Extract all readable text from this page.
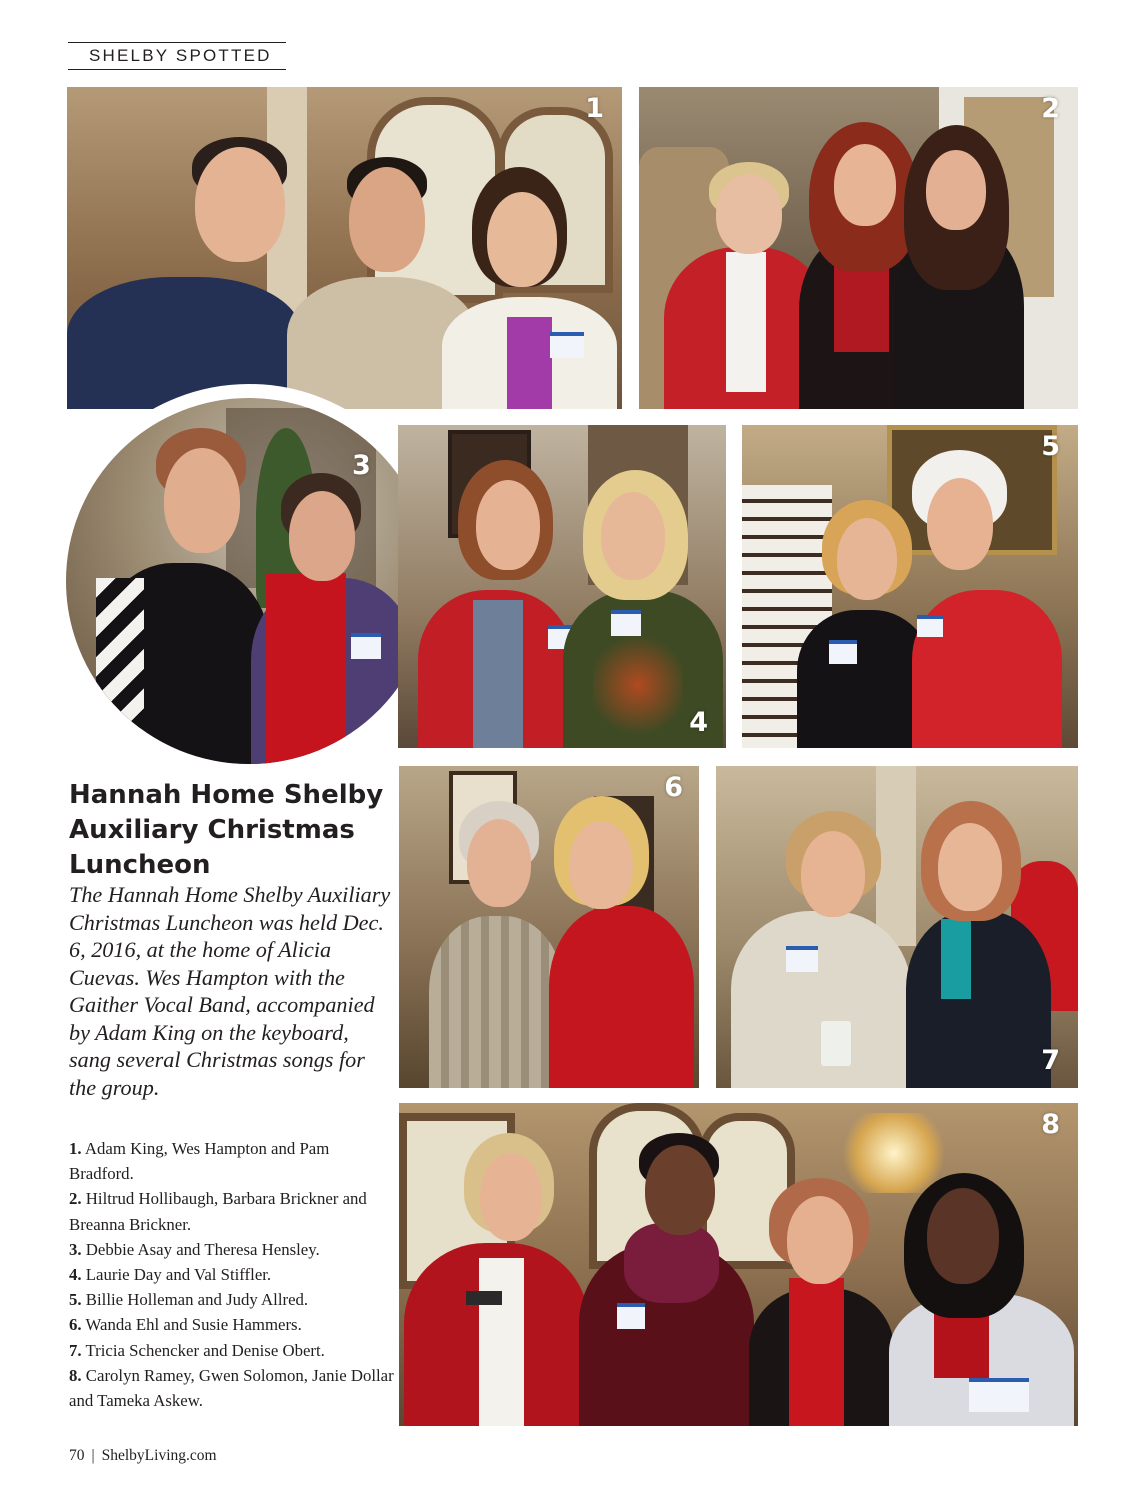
SHELBY SPOTTED
1	2
3
4
5
6
7
8
Hannah Home Shelby Auxiliary Christmas Luncheon

The Hannah Home Shelby Auxiliary Christmas Luncheon was held Dec. 6, 2016, at the home of Alicia Cuevas. Wes Hampton with the Gaither Vocal Band, accompanied by Adam King on the keyboard, sang several Christmas songs for the group.

1. Adam King, Wes Hampton and Pam Bradford.
2. Hiltrud Hollibaugh, Barbara Brickner and Breanna Brickner.
3. Debbie Asay and Theresa Hensley.
4. Laurie Day and Val Stiffler.
5. Billie Holleman and Judy Allred.
6. Wanda Ehl and Susie Hammers.
7. Tricia Schencker and Denise Obert.
8. Carolyn Ramey, Gwen Solomon, Janie Dollar and Tameka Askew.
70 | ShelbyLiving.com
